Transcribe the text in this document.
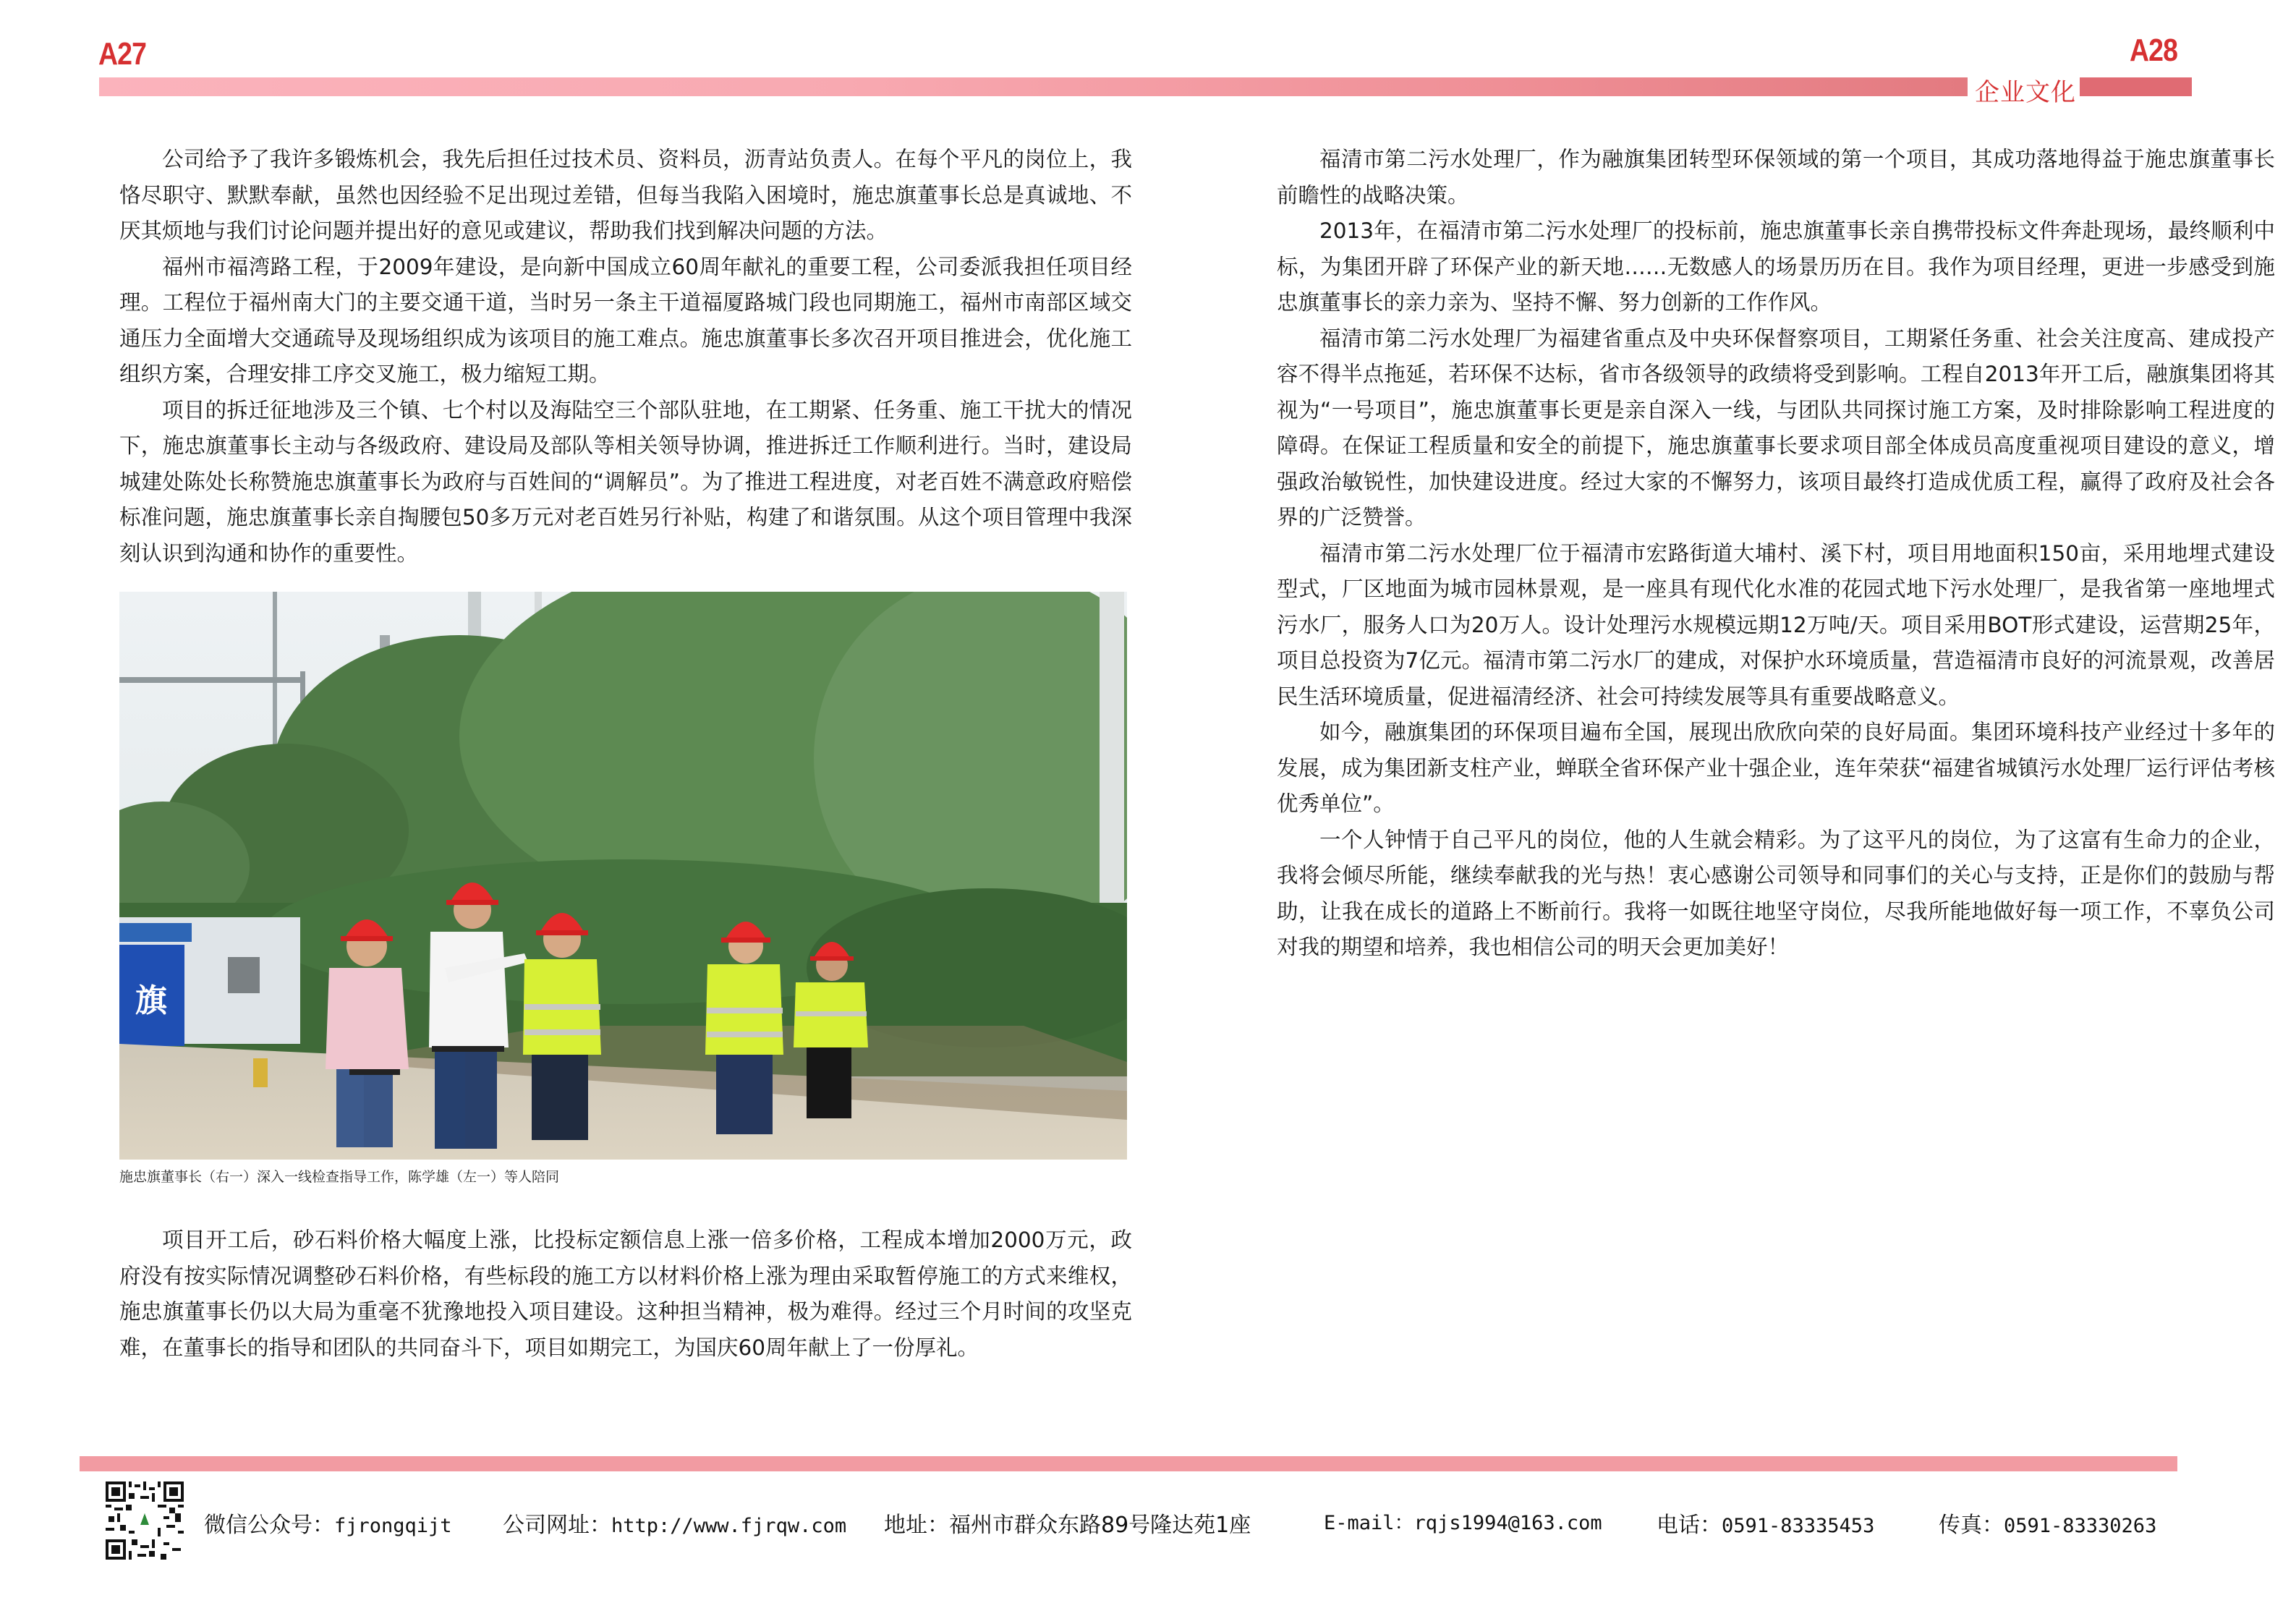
A27	A28
企业文化

公司给予了我许多锻炼机会，我先后担任过技术员、资料员，沥青站负责人。在每个平凡的岗位上，我恪尽职守、默默奉献，虽然也因经验不足出现过差错，但每当我陷入困境时，施忠旗董事长总是真诚地、不厌其烦地与我们讨论问题并提出好的意见或建议，帮助我们找到解决问题的方法。

福州市福湾路工程，于2009年建设，是向新中国成立60周年献礼的重要工程，公司委派我担任项目经理。工程位于福州南大门的主要交通干道，当时另一条主干道福厦路城门段也同期施工，福州市南部区域交通压力全面增大交通疏导及现场组织成为该项目的施工难点。施忠旗董事长多次召开项目推进会，优化施工组织方案，合理安排工序交叉施工，极力缩短工期。

项目的拆迁征地涉及三个镇、七个村以及海陆空三个部队驻地，在工期紧、任务重、施工干扰大的情况下，施忠旗董事长主动与各级政府、建设局及部队等相关领导协调，推进拆迁工作顺利进行。当时，建设局城建处陈处长称赞施忠旗董事长为政府与百姓间的“调解员”。为了推进工程进度，对老百姓不满意政府赔偿标准问题，施忠旗董事长亲自掏腰包50多万元对老百姓另行补贴，构建了和谐氛围。从这个项目管理中我深刻认识到沟通和协作的重要性。

旗
施忠旗董事长（右一）深入一线检查指导工作，陈学雄（左一）等人陪同

项目开工后，砂石料价格大幅度上涨，比投标定额信息上涨一倍多价格，工程成本增加2000万元，政府没有按实际情况调整砂石料价格，有些标段的施工方以材料价格上涨为理由采取暂停施工的方式来维权，施忠旗董事长仍以大局为重毫不犹豫地投入项目建设。这种担当精神，极为难得。经过三个月时间的攻坚克难，在董事长的指导和团队的共同奋斗下，项目如期完工，为国庆60周年献上了一份厚礼。

福清市第二污水处理厂，作为融旗集团转型环保领域的第一个项目，其成功落地得益于施忠旗董事长前瞻性的战略决策。

2013年，在福清市第二污水处理厂的投标前，施忠旗董事长亲自携带投标文件奔赴现场，最终顺利中标，为集团开辟了环保产业的新天地……无数感人的场景历历在目。我作为项目经理，更进一步感受到施忠旗董事长的亲力亲为、坚持不懈、努力创新的工作作风。

福清市第二污水处理厂为福建省重点及中央环保督察项目，工期紧任务重、社会关注度高、建成投产容不得半点拖延，若环保不达标，省市各级领导的政绩将受到影响。工程自2013年开工后，融旗集团将其视为“一号项目”，施忠旗董事长更是亲自深入一线，与团队共同探讨施工方案，及时排除影响工程进度的障碍。在保证工程质量和安全的前提下，施忠旗董事长要求项目部全体成员高度重视项目建设的意义，增强政治敏锐性，加快建设进度。经过大家的不懈努力，该项目最终打造成优质工程，赢得了政府及社会各界的广泛赞誉。

福清市第二污水处理厂位于福清市宏路街道大埔村、溪下村，项目用地面积150亩，采用地埋式建设型式，厂区地面为城市园林景观，是一座具有现代化水准的花园式地下污水处理厂，是我省第一座地埋式污水厂，服务人口为20万人。设计处理污水规模远期12万吨/天。项目采用BOT形式建设，运营期25年，项目总投资为7亿元。福清市第二污水厂的建成，对保护水环境质量，营造福清市良好的河流景观，改善居民生活环境质量，促进福清经济、社会可持续发展等具有重要战略意义。

如今，融旗集团的环保项目遍布全国，展现出欣欣向荣的良好局面。集团环境科技产业经过十多年的发展，成为集团新支柱产业，蝉联全省环保产业十强企业，连年荣获“福建省城镇污水处理厂运行评估考核优秀单位”。

一个人钟情于自己平凡的岗位，他的人生就会精彩。为了这平凡的岗位，为了这富有生命力的企业，我将会倾尽所能，继续奉献我的光与热！衷心感谢公司领导和同事们的关心与支持，正是你们的鼓励与帮助，让我在成长的道路上不断前行。我将一如既往地坚守岗位，尽我所能地做好每一项工作，不辜负公司对我的期望和培养，我也相信公司的明天会更加美好！

微信公众号：fjrongqijt 公司网址：http://www.fjrqw.com 地址：福州市群众东路89号隆达苑1座	E-mail：rqjs1994@163.com	电话：0591-83335453	传真：0591-83330263
